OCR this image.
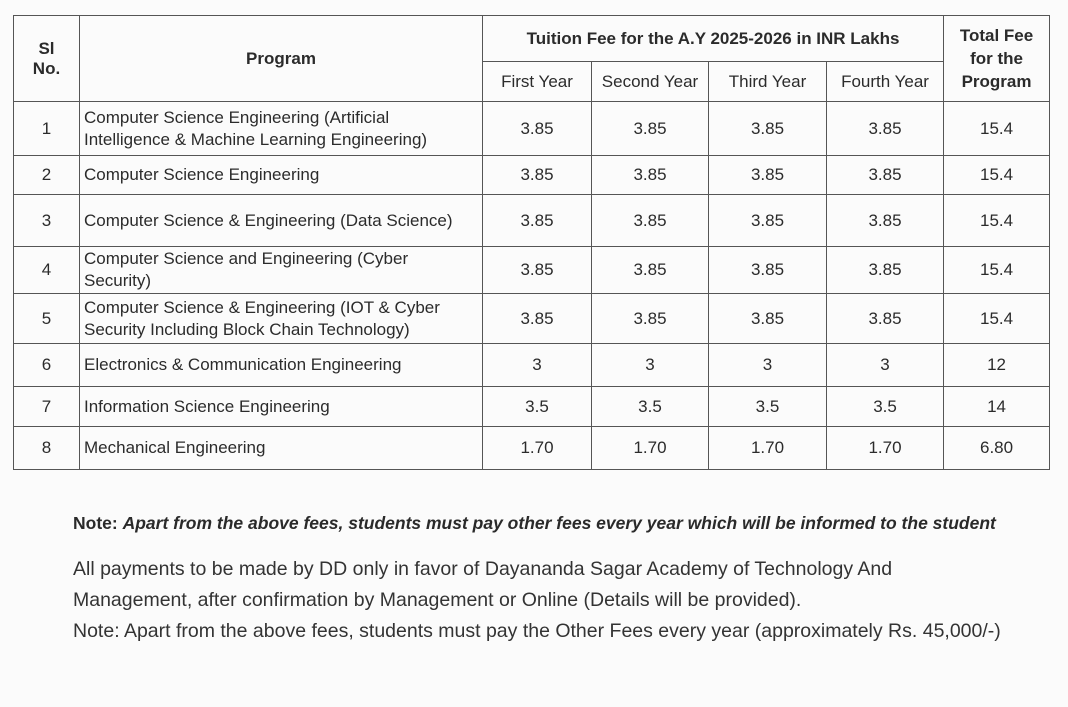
Sl No.	Program	Tuition Fee for the A.Y 2025-2026 in INR Lakhs				Total Fee for the Program
		First Year	Second Year	Third Year	Fourth Year	
1	Computer Science Engineering (Artificial Intelligence & Machine Learning Engineering)	3.85	3.85	3.85	3.85	15.4
2	Computer Science Engineering	3.85	3.85	3.85	3.85	15.4
3	Computer Science & Engineering (Data Science)	3.85	3.85	3.85	3.85	15.4
4	Computer Science and Engineering (Cyber Security)	3.85	3.85	3.85	3.85	15.4
5	Computer Science & Engineering (IOT & Cyber Security Including Block Chain Technology)	3.85	3.85	3.85	3.85	15.4
6	Electronics & Communication Engineering	3	3	3	3	12
7	Information Science Engineering	3.5	3.5	3.5	3.5	14
8	Mechanical Engineering	1.70	1.70	1.70	1.70	6.80

Note: Apart from the above fees, students must pay other fees every year which will be informed to the student

All payments to be made by DD only in favor of Dayananda Sagar Academy of Technology And Management, after confirmation by Management or Online (Details will be provided).

Note: Apart from the above fees, students must pay the Other Fees every year (approximately Rs. 45,000/-)
